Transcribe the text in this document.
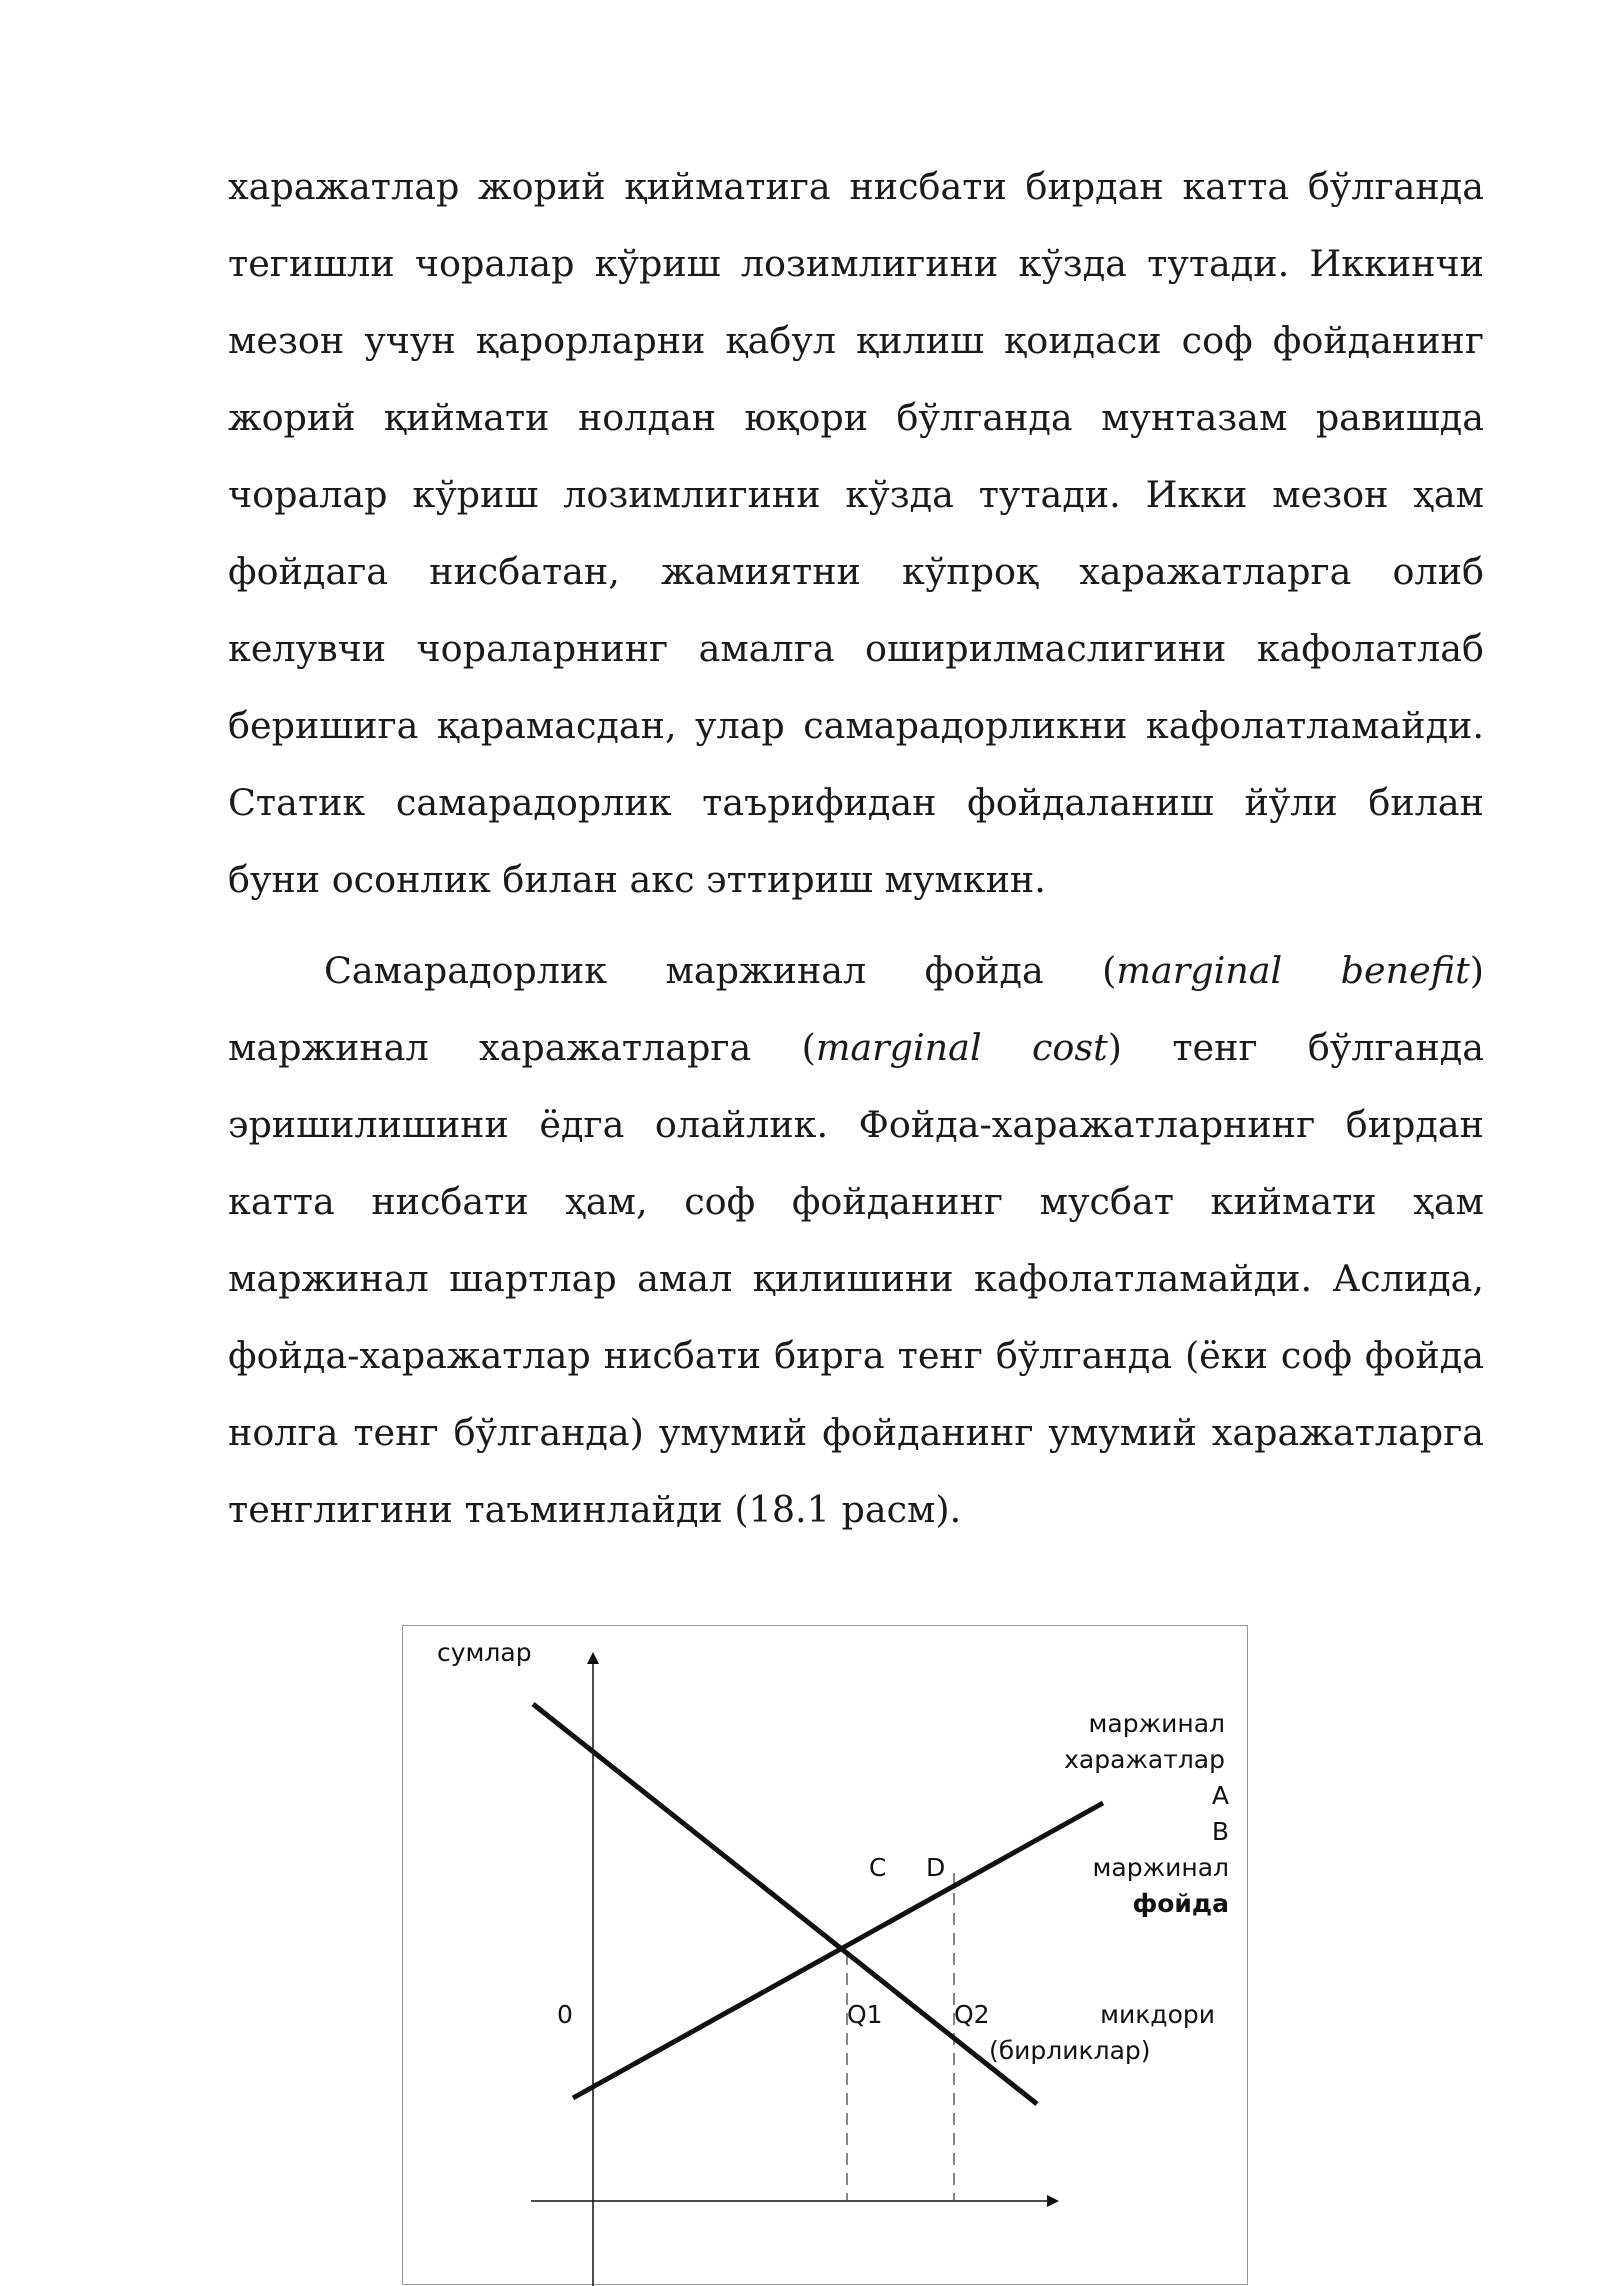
харажатлар жорий қийматига нисбати бирдан катта бўлганда тегишли чоралар кўриш лозимлигини кўзда тутади. Иккинчи мезон учун қарорларни қабул қилиш қоидаси соф фойданинг жорий қиймати нолдан юқори бўлганда мунтазам равишда чоралар кўриш лозимлигини кўзда тутади. Икки мезон ҳам фойдага нисбатан, жамиятни кўпроқ харажатларга олиб келувчи чораларнинг амалга оширилмаслигини кафолатлаб беришига қарамасдан, улар самарадорликни кафолатламайди. Статик самарадорлик таърифидан фойдаланиш йўли билан буни осонлик билан акс эттириш мумкин.

Самарадорлик маржинал фойда (marginal benefit) маржинал харажатларга (marginal cost) тенг бўлганда эришилишини ёдга олайлик. Фойда-харажатларнинг бирдан катта нисбати ҳам, соф фойданинг мусбат киймати ҳам маржинал шартлар амал қилишини кафолатламайди. Аслида, фойда-харажатлар нисбати бирга тенг бўлганда (ёки соф фойда нолга тенг бўлганда) умумий фойданинг умумий харажатларга тенглигини таъминлайди (18.1 расм).

сумлар
0
маржинал
харажатлар
A
B
C D	маржинал
фойда
Q1	Q2	микдори
(бирликлар)
